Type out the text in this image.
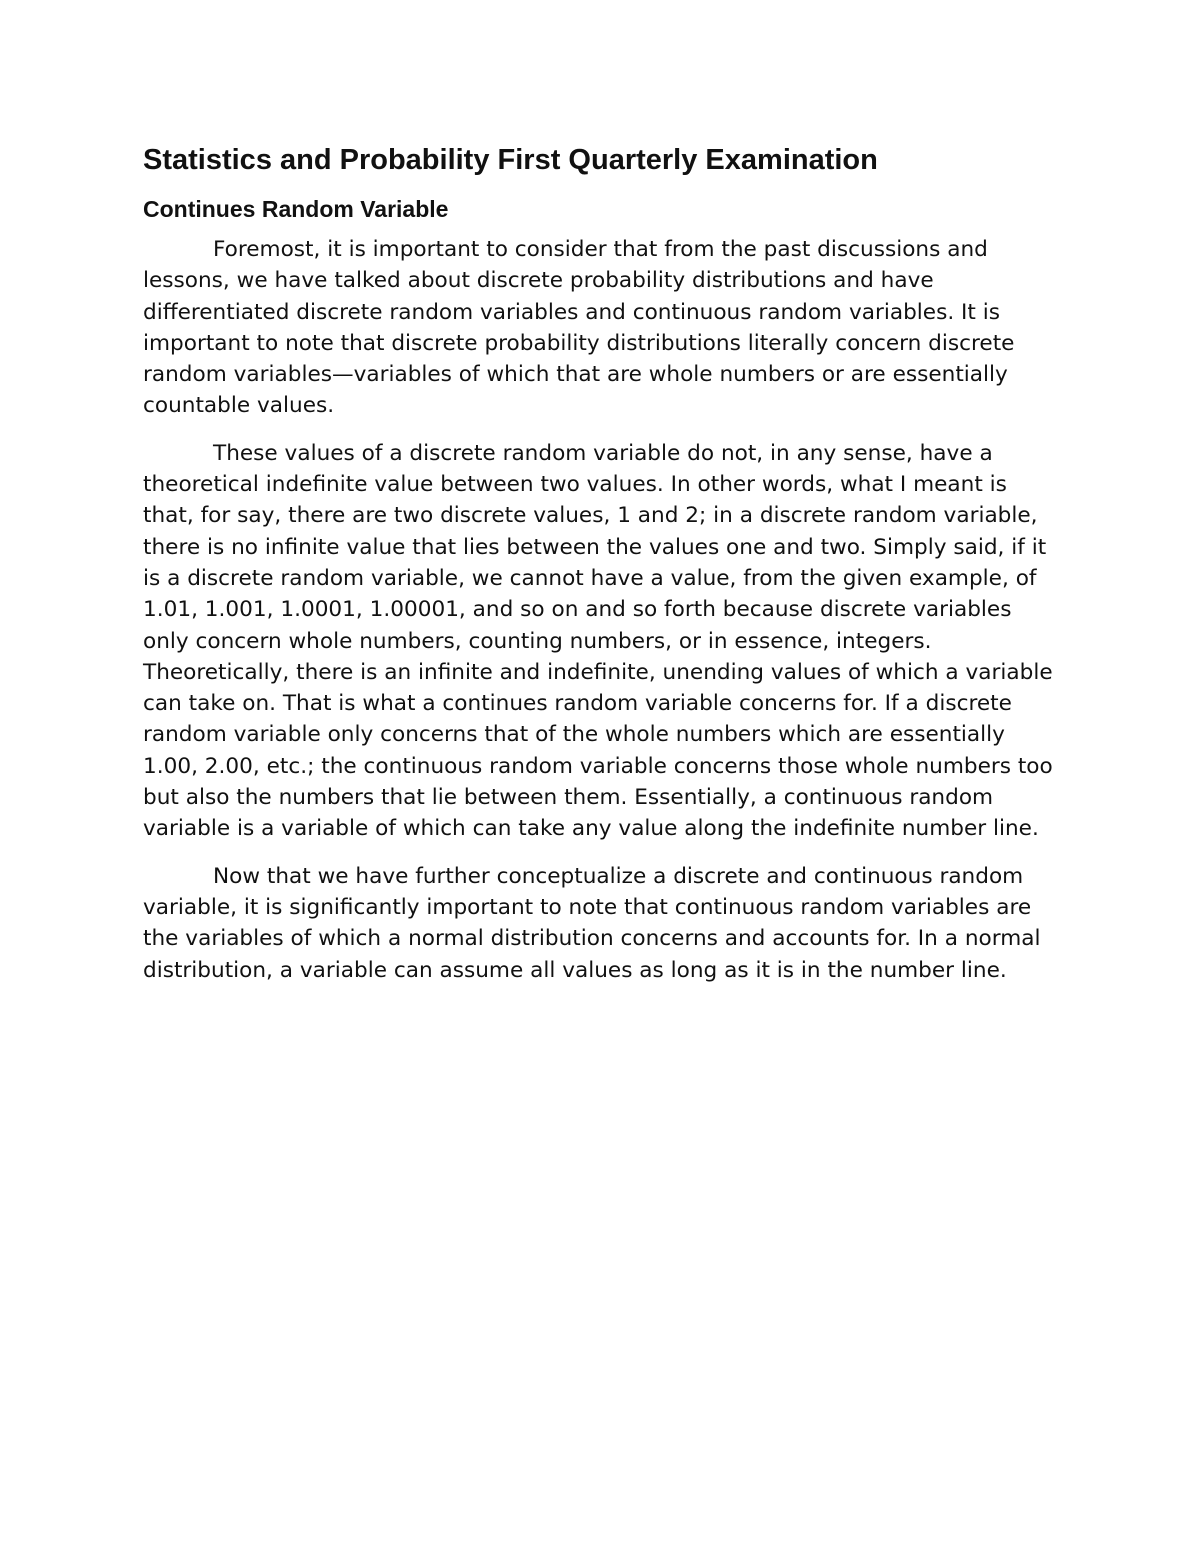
Statistics and Probability First Quarterly Examination
Continues Random Variable

Foremost, it is important to consider that from the past discussions and lessons, we have talked about discrete probability distributions and have differentiated discrete random variables and continuous random variables. It is important to note that discrete probability distributions literally concern discrete random variables—variables of which that are whole numbers or are essentially countable values.

These values of a discrete random variable do not, in any sense, have a theoretical indefinite value between two values. In other words, what I meant is that, for say, there are two discrete values, 1 and 2; in a discrete random variable, there is no infinite value that lies between the values one and two. Simply said, if it is a discrete random variable, we cannot have a value, from the given example, of 1.01, 1.001, 1.0001, 1.00001, and so on and so forth because discrete variables only concern whole numbers, counting numbers, or in essence, integers. Theoretically, there is an infinite and indefinite, unending values of which a variable can take on. That is what a continues random variable concerns for. If a discrete random variable only concerns that of the whole numbers which are essentially 1.00, 2.00, etc.; the continuous random variable concerns those whole numbers too but also the numbers that lie between them. Essentially, a continuous random variable is a variable of which can take any value along the indefinite number line.

Now that we have further conceptualize a discrete and continuous random variable, it is significantly important to note that continuous random variables are the variables of which a normal distribution concerns and accounts for. In a normal distribution, a variable can assume all values as long as it is in the number line.
